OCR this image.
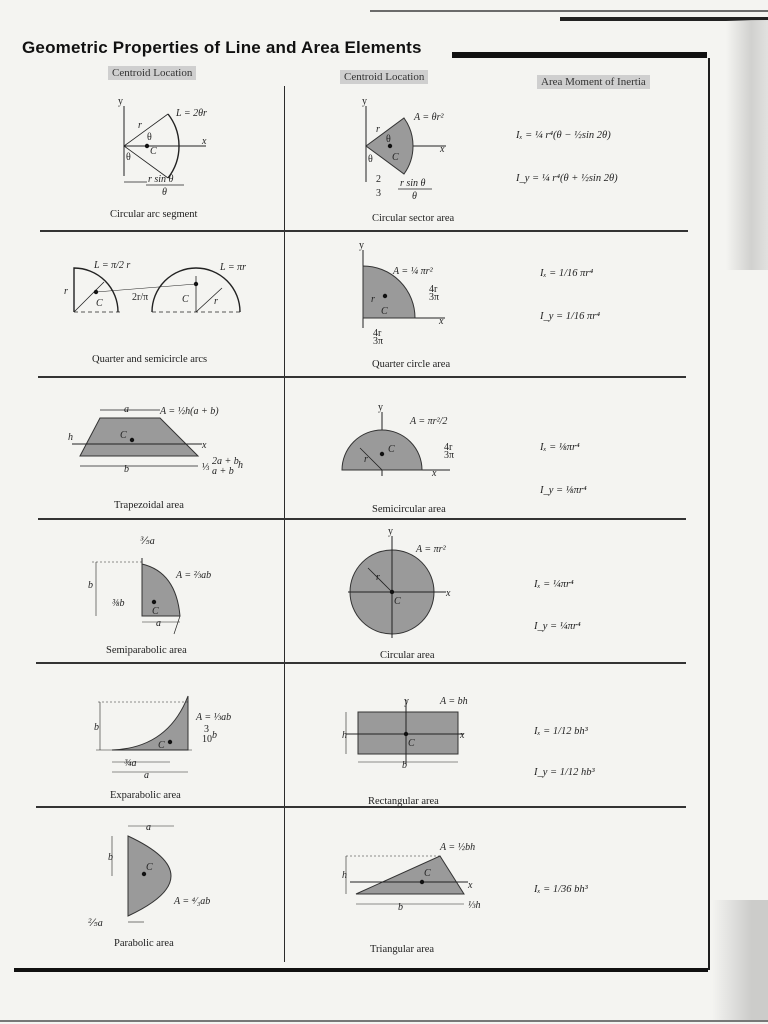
Geometric Properties of Line and Area Elements
Centroid Location	Centroid Location	Area Moment of Inertia
y
L = 2θr
r
θ
θ
C
x
r sin θ
θ
Circular arc segment
y
A = θr²
r
θ
θ C
x
2
3
r sin θ
θ
Circular sector area
Iₓ = ¼ r⁴(θ − ½sin 2θ)
I_y = ¼ r⁴(θ + ½sin 2θ)
L = π/2 r	L = πr
r
C
2r/π	C	r
Quarter and semicircle arcs
y
A = ¼ πr²
4r
3π
r
C
x
4r
3π
Quarter circle area
Iₓ = 1/16 πr⁴
I_y = 1/16 πr⁴
a	A = ½h(a + b)
h	C
x
b	⅓
2a + b
a + b
h
Trapezoidal area
y
A = πr²/2
r
C	4r
3π
x
Semicircular area
Iₓ = ⅛πr⁴
I_y = ⅛πr⁴
⅗a
A = ⅔ab
b
⅜b
C
a
Semiparabolic area
y
A = πr²
r
C
x
Circular area
Iₓ = ¼πr⁴
I_y = ¼πr⁴
A = ⅓ab
b
C
3
10 b
¾a
a
Exparabolic area
y	A = bh
h
C
x
b
Rectangular area
Iₓ = 1/12 bh³
I_y = 1/12 hb³
a
b
C
A = ⁴⁄₃ab
⅖a
Parabolic area
A = ½bh
h	C
x
b	⅓h
Triangular area
Iₓ = 1/36 bh³
